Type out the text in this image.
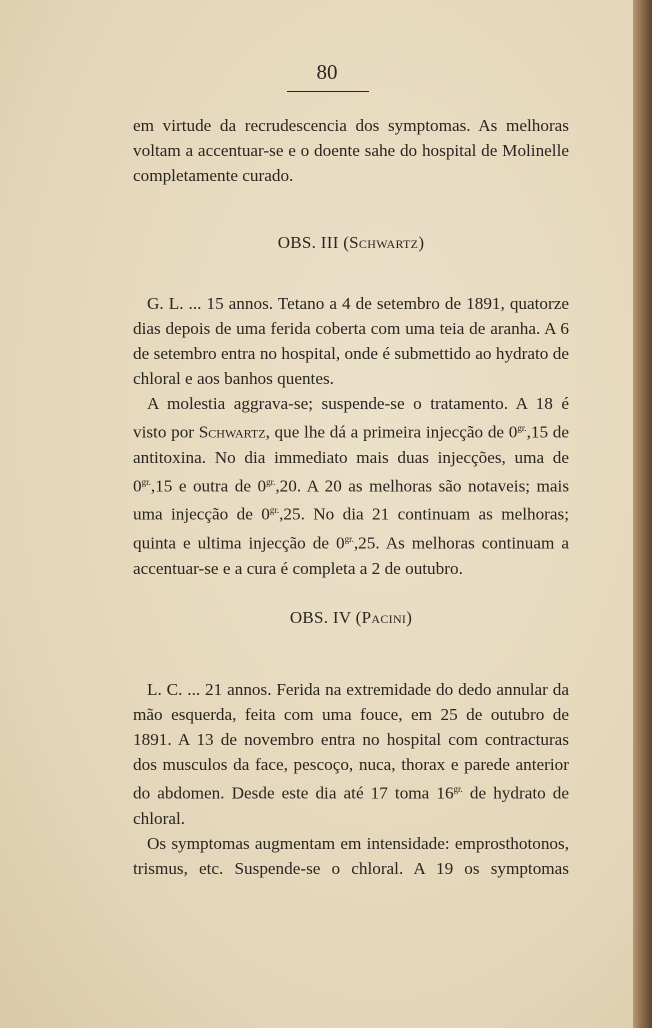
80

em virtude da recrudescencia dos symptomas. As melhoras voltam a accentuar-se e o doente sahe do hospital de Molinelle completamente curado.

OBS. III (Schwartz)

G. L. ... 15 annos. Tetano a 4 de setembro de 1891, quatorze dias depois de uma ferida coberta com uma teia de aranha. A 6 de setembro entra no hospital, onde é submettido ao hydrato de chloral e aos banhos quentes.

A molestia aggrava-se; suspende-se o tratamento. A 18 é visto por Schwartz, que lhe dá a primeira injecção de $0^{gr.},15$ de antitoxina. No dia immediato mais duas injecções, uma de $0^{gr.},15$ e outra de $0^{gr.},20$. A 20 as melhoras são notaveis; mais uma injecção de $0^{gr.},25$. No dia 21 continuam as melhoras; quinta e ultima injecção de $0^{gr.},25$. As melhoras continuam a accentuar-se e a cura é completa a 2 de outubro.

OBS. IV (Pacini)

L. C. ... 21 annos. Ferida na extremidade do dedo annular da mão esquerda, feita com uma fouce, em 25 de outubro de 1891. A 13 de novembro entra no hospital com contracturas dos musculos da face, pescoço, nuca, thorax e parede anterior do abdomen. Desde este dia até 17 toma $16^{gr.}$ de hydrato de chloral.

Os symptomas augmentam em intensidade: emprosthotonos, trismus, etc. Suspende-se o chloral. A 19 os symptomas
